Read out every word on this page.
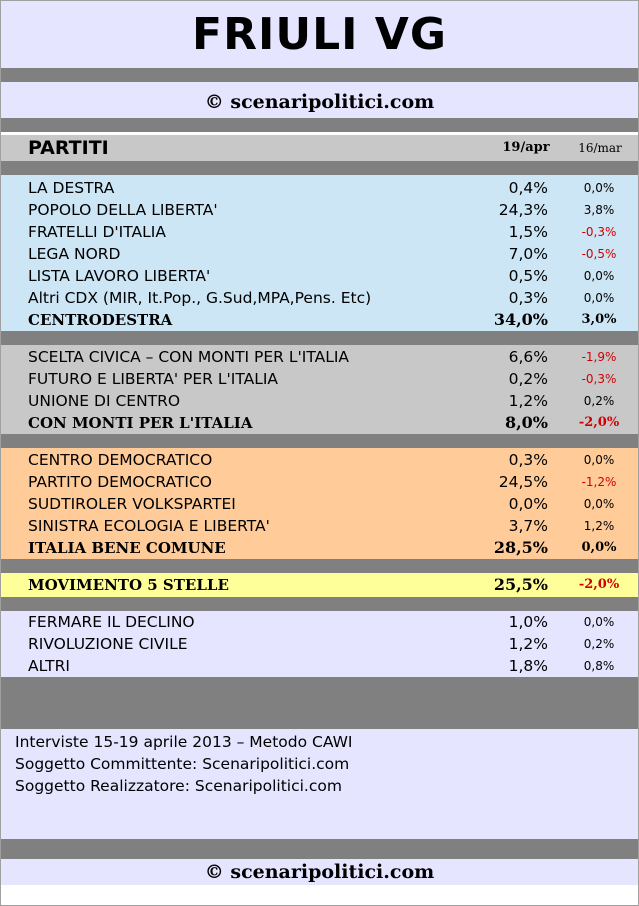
FRIULI VG
© scenaripolitici.com
PARTITI	19/apr	16/mar
LA DESTRA	0,4%	0,0%
POPOLO DELLA LIBERTA'	24,3%	3,8%
FRATELLI D'ITALIA	1,5%	-0,3%
LEGA NORD	7,0%	-0,5%
LISTA LAVORO LIBERTA'	0,5%	0,0%
Altri CDX (MIR, It.Pop., G.Sud,MPA,Pens. Etc)	0,3%	0,0%
CENTRODESTRA	34,0%	3,0%
SCELTA CIVICA – CON MONTI PER L'ITALIA	6,6%	-1,9%
FUTURO E LIBERTA' PER L'ITALIA	0,2%	-0,3%
UNIONE DI CENTRO	1,2%	0,2%
CON MONTI PER L'ITALIA	8,0%	-2,0%
CENTRO DEMOCRATICO	0,3%	0,0%
PARTITO DEMOCRATICO	24,5%	-1,2%
SUDTIROLER VOLKSPARTEI	0,0%	0,0%
SINISTRA ECOLOGIA E LIBERTA'	3,7%	1,2%
ITALIA BENE COMUNE	28,5%	0,0%
MOVIMENTO 5 STELLE	25,5%	-2,0%
FERMARE IL DECLINO	1,0%	0,0%
RIVOLUZIONE CIVILE	1,2%	0,2%
ALTRI	1,8%	0,8%
Interviste 15-19 aprile 2013 – Metodo CAWI
Soggetto Committente: Scenaripolitici.com
Soggetto Realizzatore: Scenaripolitici.com
© scenaripolitici.com
